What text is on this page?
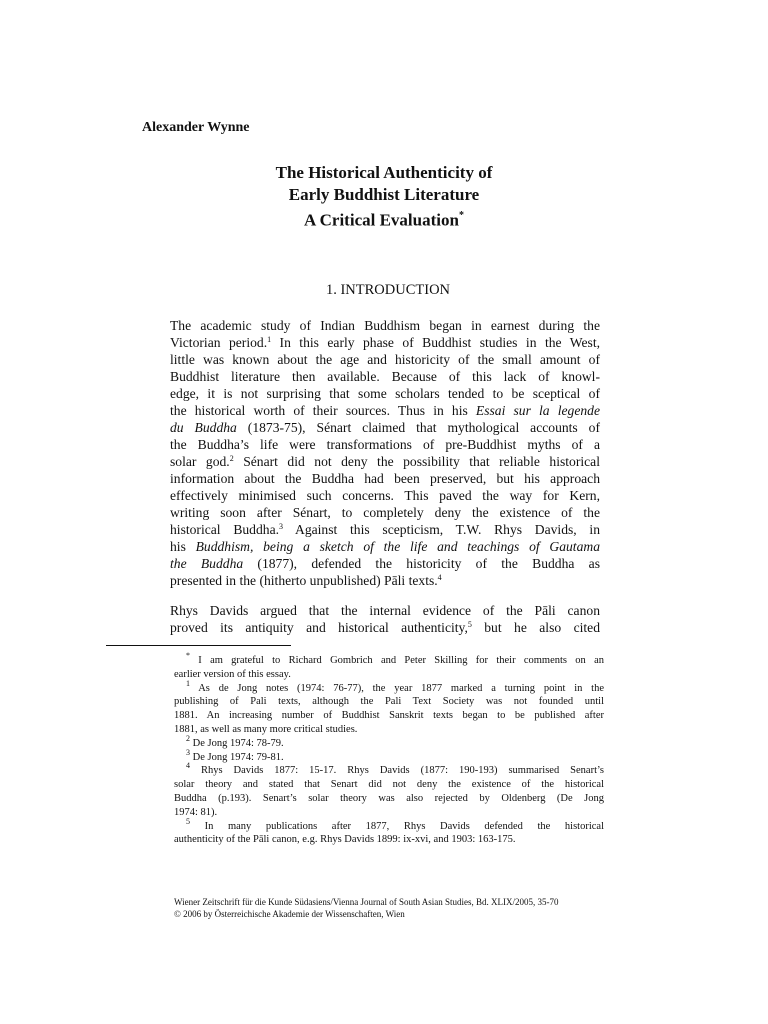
Alexander Wynne
The Historical Authenticity of
Early Buddhist Literature
A Critical Evaluation*
1. INTRODUCTION
The academic study of Indian Buddhism began in earnest during the
Victorian period.$^1$ In this early phase of Buddhist studies in the West,
little was known about the age and historicity of the small amount of
Buddhist literature then available. Because of this lack of knowl-
edge, it is not surprising that some scholars tended to be sceptical of
the historical worth of their sources. Thus in his Essai sur la legende
du Buddha (1873-75), Sénart claimed that mythological accounts of
the Buddha’s life were transformations of pre-Buddhist myths of a
solar god.$^2$ Sénart did not deny the possibility that reliable historical
information about the Buddha had been preserved, but his approach
effectively minimised such concerns. This paved the way for Kern,
writing soon after Sénart, to completely deny the existence of the
historical Buddha.$^3$ Against this scepticism, T.W. Rhys Davids, in
his Buddhism, being a sketch of the life and teachings of Gautama
the Buddha (1877), defended the historicity of the Buddha as
presented in the (hitherto unpublished) Pāli texts.$^4$
Rhys Davids argued that the internal evidence of the Pāli canon
proved its antiquity and historical authenticity,$^5$ but he also cited
* I am grateful to Richard Gombrich and Peter Skilling for their comments on an
earlier version of this essay.
$^1$ As de Jong notes (1974: 76-77), the year 1877 marked a turning point in the
publishing of Pali texts, although the Pali Text Society was not founded until
1881. An increasing number of Buddhist Sanskrit texts began to be published after
1881, as well as many more critical studies.
$^2$ De Jong 1974: 78-79.
$^3$ De Jong 1974: 79-81.
$^4$ Rhys Davids 1877: 15-17. Rhys Davids (1877: 190-193) summarised Senart’s
solar theory and stated that Senart did not deny the existence of the historical
Buddha (p.193). Senart’s solar theory was also rejected by Oldenberg (De Jong
1974: 81).
$^5$ In many publications after 1877, Rhys Davids defended the historical
authenticity of the Pāli canon, e.g. Rhys Davids 1899: ix-xvi, and 1903: 163-175.
Wiener Zeitschrift für die Kunde Südasiens/Vienna Journal of South Asian Studies, Bd. XLIX/2005, 35-70
© 2006 by Österreichische Akademie der Wissenschaften, Wien
